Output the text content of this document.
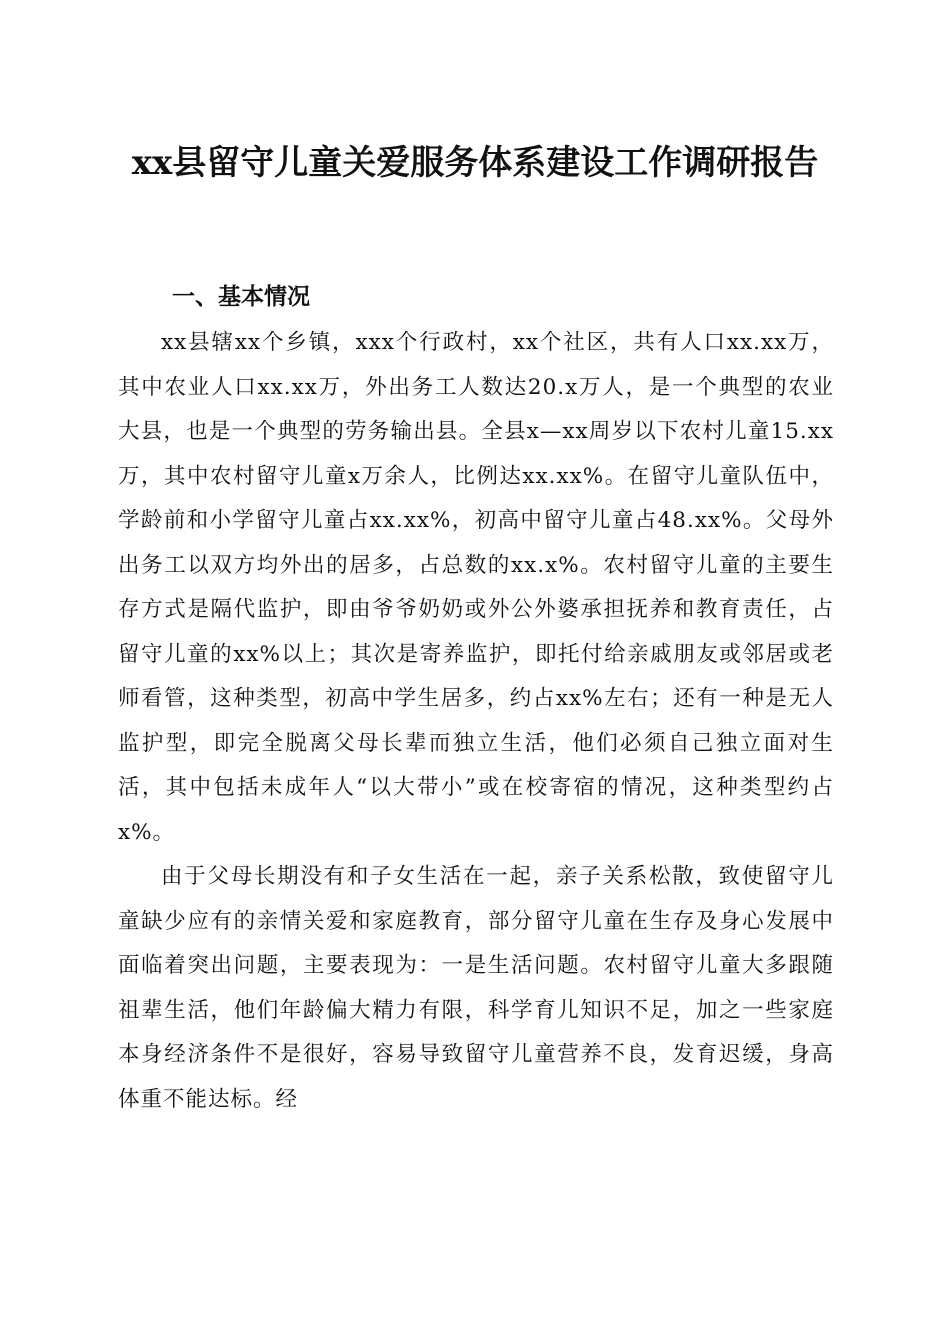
xx县留守儿童关爱服务体系建设工作调研报告
一、基本情况

xx县辖xx个乡镇，xxx个行政村，xx个社区，共有人口xx.xx万，其中农业人口xx.xx万，外出务工人数达20.x万人，是一个典型的农业大县，也是一个典型的劳务输出县。全县x—xx周岁以下农村儿童15.xx万，其中农村留守儿童x万余人，比例达xx.xx%。在留守儿童队伍中，学龄前和小学留守儿童占xx.xx%，初高中留守儿童占48.xx%。父母外出务工以双方均外出的居多，占总数的xx.x%。农村留守儿童的主要生存方式是隔代监护，即由爷爷奶奶或外公外婆承担抚养和教育责任，占留守儿童的xx%以上；其次是寄养监护，即托付给亲戚朋友或邻居或老师看管，这种类型，初高中学生居多，约占xx%左右；还有一种是无人监护型，即完全脱离父母长辈而独立生活，他们必须自己独立面对生活，其中包括未成年人“以大带小”或在校寄宿的情况，这种类型约占x%。

由于父母长期没有和子女生活在一起，亲子关系松散，致使留守儿童缺少应有的亲情关爱和家庭教育，部分留守儿童在生存及身心发展中面临着突出问题，主要表现为：一是生活问题。农村留守儿童大多跟随祖辈生活，他们年龄偏大精力有限，科学育儿知识不足，加之一些家庭本身经济条件不是很好，容易导致留守儿童营养不良，发育迟缓，身高体重不能达标。经
